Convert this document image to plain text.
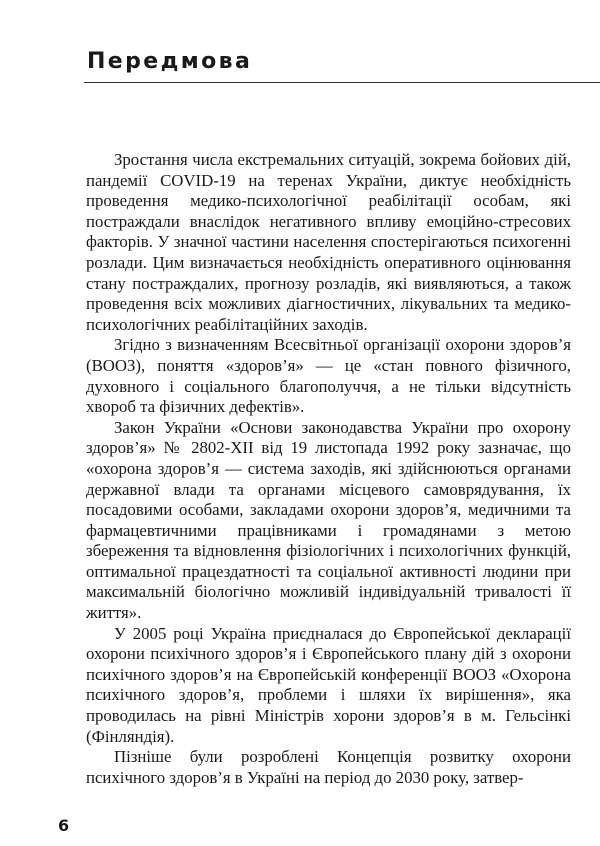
Передмова

Зростання числа екстремальних ситуацій, зокрема бойових дій, пандемії COVID-19 на теренах України, диктує необхідність проведення медико-психологічної реабілітації особам, які постраждали внаслідок негативного впливу емоційно-стресових факторів. У значної частини населення спостерігаються психогенні розлади. Цим визначається необхідність оперативного оцінювання стану постраждалих, прогнозу розладів, які виявляються, а також проведення всіх можливих діагностичних, лікувальних та медико-психологічних реабілітаційних заходів.

Згідно з визначенням Всесвітньої організації охорони здоров’я (ВООЗ), поняття «здоров’я» — це «стан повного фізичного, духовного і соціального благополуччя, а не тільки відсутність хвороб та фізичних дефектів».

Закон України «Основи законодавства України про охорону здоров’я» № 2802-XII від 19 листопада 1992 року зазначає, що «охорона здоров’я — система заходів, які здійснюються органами державної влади та органами місцевого самоврядування, їх посадовими особами, закладами охорони здоров’я, медичними та фармацевтичними працівниками і громадянами з метою збереження та відновлення фізіологічних і психологічних функцій, оптимальної працездатності та соціальної активності людини при максимальній біологічно можливій індивідуальній тривалості її життя».

У 2005 році Україна приєдналася до Європейської декларації охорони психічного здоров’я і Європейського плану дій з охорони психічного здоров’я на Європейській конференції ВООЗ «Охорона психічного здоров’я, проблеми і шляхи їх вирішення», яка проводилась на рівні Міністрів хорони здоров’я в м. Гельсінкі (Фінляндія).

Пізніше були розроблені Концепція розвитку охорони психічного здоров’я в Україні на період до 2030 року, затвер-

6
